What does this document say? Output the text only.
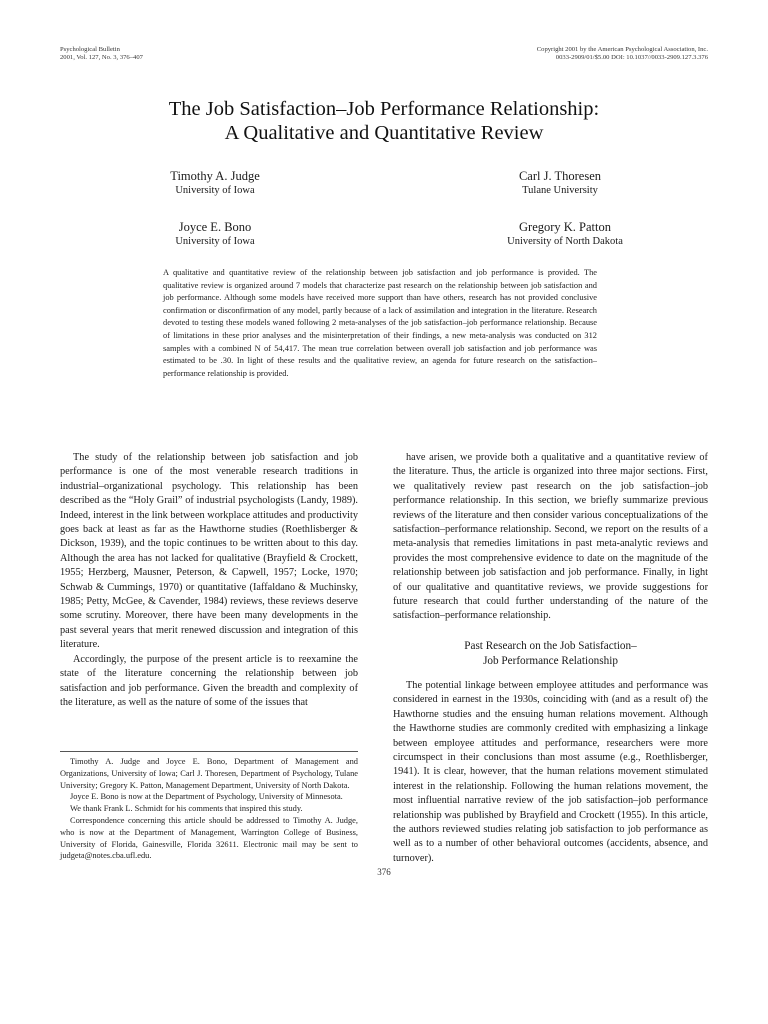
Psychological Bulletin
2001, Vol. 127, No. 3, 376–407
Copyright 2001 by the American Psychological Association, Inc.
0033-2909/01/$5.00 DOI: 10.1037//0033-2909.127.3.376
The Job Satisfaction–Job Performance Relationship:
A Qualitative and Quantitative Review
Timothy A. Judge
University of Iowa
Carl J. Thoresen
Tulane University
Joyce E. Bono
University of Iowa
Gregory K. Patton
University of North Dakota
A qualitative and quantitative review of the relationship between job satisfaction and job performance is provided. The qualitative review is organized around 7 models that characterize past research on the relationship between job satisfaction and job performance. Although some models have received more support than have others, research has not provided conclusive confirmation or disconfirmation of any model, partly because of a lack of assimilation and integration in the literature. Research devoted to testing these models waned following 2 meta-analyses of the job satisfaction–job performance relationship. Because of limitations in these prior analyses and the misinterpretation of their findings, a new meta-analysis was conducted on 312 samples with a combined N of 54,417. The mean true correlation between overall job satisfaction and job performance was estimated to be .30. In light of these results and the qualitative review, an agenda for future research on the satisfaction–performance relationship is provided.

The study of the relationship between job satisfaction and job performance is one of the most venerable research traditions in industrial–organizational psychology. This relationship has been described as the “Holy Grail” of industrial psychologists (Landy, 1989). Indeed, interest in the link between workplace attitudes and productivity goes back at least as far as the Hawthorne studies (Roethlisberger & Dickson, 1939), and the topic continues to be written about to this day. Although the area has not lacked for qualitative (Brayfield & Crockett, 1955; Herzberg, Mausner, Peterson, & Capwell, 1957; Locke, 1970; Schwab & Cummings, 1970) or quantitative (Iaffaldano & Muchinsky, 1985; Petty, McGee, & Cavender, 1984) reviews, these reviews deserve some scrutiny. Moreover, there have been many developments in the past several years that merit renewed discussion and integration of this literature.

Accordingly, the purpose of the present article is to reexamine the state of the literature concerning the relationship between job satisfaction and job performance. Given the breadth and complexity of the literature, as well as the nature of some of the issues that

have arisen, we provide both a qualitative and a quantitative review of the literature. Thus, the article is organized into three major sections. First, we qualitatively review past research on the job satisfaction–job performance relationship. In this section, we briefly summarize previous reviews of the literature and then consider various conceptualizations of the satisfaction–performance relationship. Second, we report on the results of a meta-analysis that remedies limitations in past meta-analytic reviews and provides the most comprehensive evidence to date on the magnitude of the relationship between job satisfaction and job performance. Finally, in light of our qualitative and quantitative reviews, we provide suggestions for future research that could further understanding of the nature of the satisfaction–performance relationship.

Past Research on the Job Satisfaction–
Job Performance Relationship

The potential linkage between employee attitudes and performance was considered in earnest in the 1930s, coinciding with (and as a result of) the Hawthorne studies and the ensuing human relations movement. Although the Hawthorne studies are commonly credited with emphasizing a linkage between employee attitudes and performance, researchers were more circumspect in their conclusions than most assume (e.g., Roethlisberger, 1941). It is clear, however, that the human relations movement stimulated interest in the relationship. Following the human relations movement, the most influential narrative review of the job satisfaction–job performance relationship was published by Brayfield and Crockett (1955). In this article, the authors reviewed studies relating job satisfaction to job performance as well as to a number of other behavioral outcomes (accidents, absence, and turnover).

Timothy A. Judge and Joyce E. Bono, Department of Management and Organizations, University of Iowa; Carl J. Thoresen, Department of Psychology, Tulane University; Gregory K. Patton, Management Department, University of North Dakota.

Joyce E. Bono is now at the Department of Psychology, University of Minnesota.

We thank Frank L. Schmidt for his comments that inspired this study.

Correspondence concerning this article should be addressed to Timothy A. Judge, who is now at the Department of Management, Warrington College of Business, University of Florida, Gainesville, Florida 32611. Electronic mail may be sent to judgeta@notes.cba.ufl.edu.

376
